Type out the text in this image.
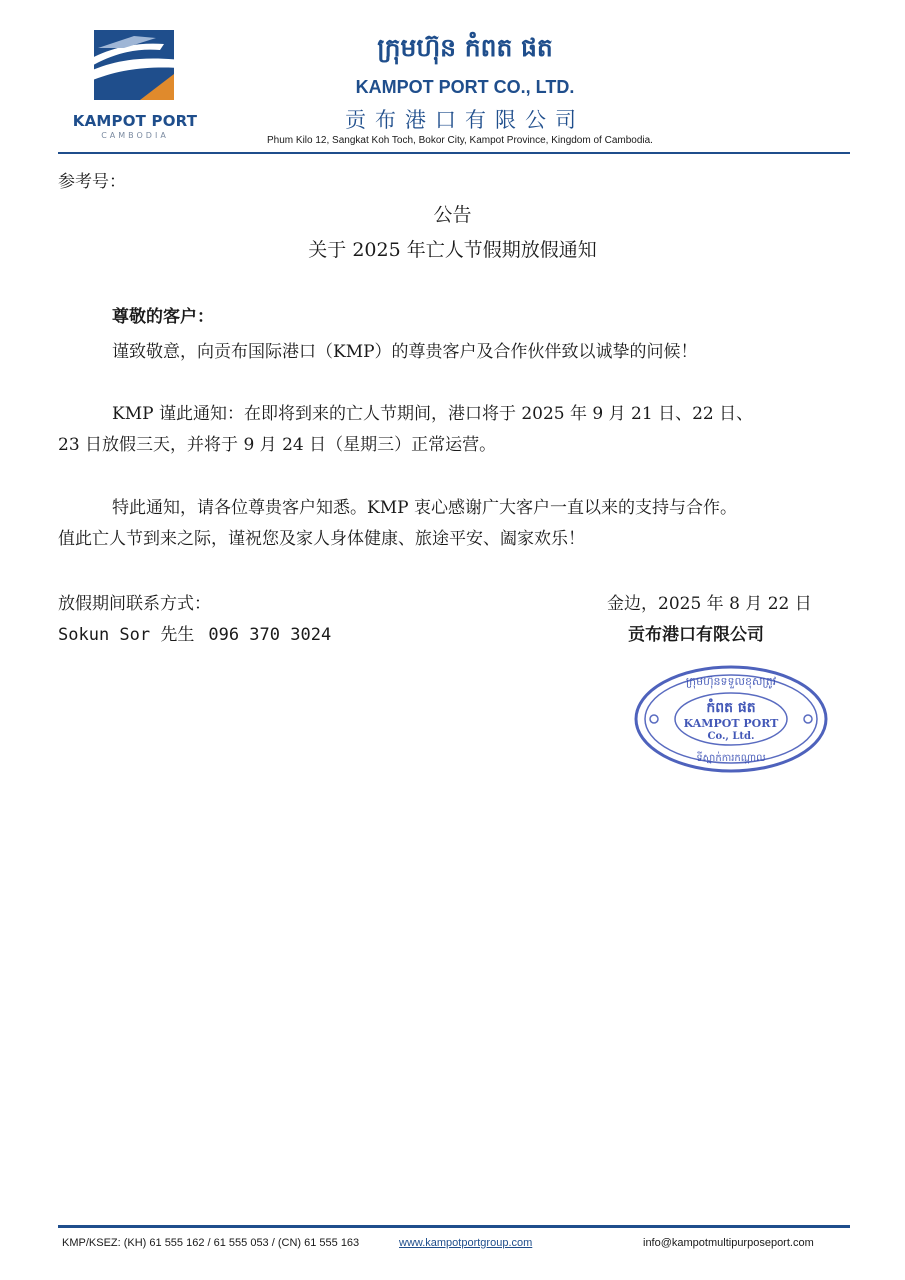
KAMPOT PORT
CAMBODIA
ក្រុមហ៊ុន កំពត ផត
KAMPOT PORT CO., LTD.
贡布港口有限公司
Phum Kilo 12, Sangkat Koh Toch, Bokor City, Kampot Province, Kingdom of Cambodia.
参考号：
公告
关于 2025 年亡人节假期放假通知
尊敬的客户：
谨致敬意，向贡布国际港口（KMP）的尊贵客户及合作伙伴致以诚挚的问候！
KMP 谨此通知：在即将到来的亡人节期间，港口将于 2025 年 9 月 21 日、22 日、
23 日放假三天，并将于 9 月 24 日（星期三）正常运营。
特此通知，请各位尊贵客户知悉。KMP 衷心感谢广大客户一直以来的支持与合作。
值此亡人节到来之际，谨祝您及家人身体健康、旅途平安、阖家欢乐！
放假期间联系方式：
Sokun Sor 先生 096 370 3024
金边，2025 年 8 月 22 日
贡布港口有限公司
ក្រុមហ៊ុនទទួលខុសត្រូវ
កំពត ផត
KAMPOT PORT
Co., Ltd.
ទីស្នាក់ការកណ្ដាល
KMP/KSEZ: (KH) 61 555 162 / 61 555 053 / (CN) 61 555 163	www.kampotportgroup.com	info@kampotmultipurposeport.com
